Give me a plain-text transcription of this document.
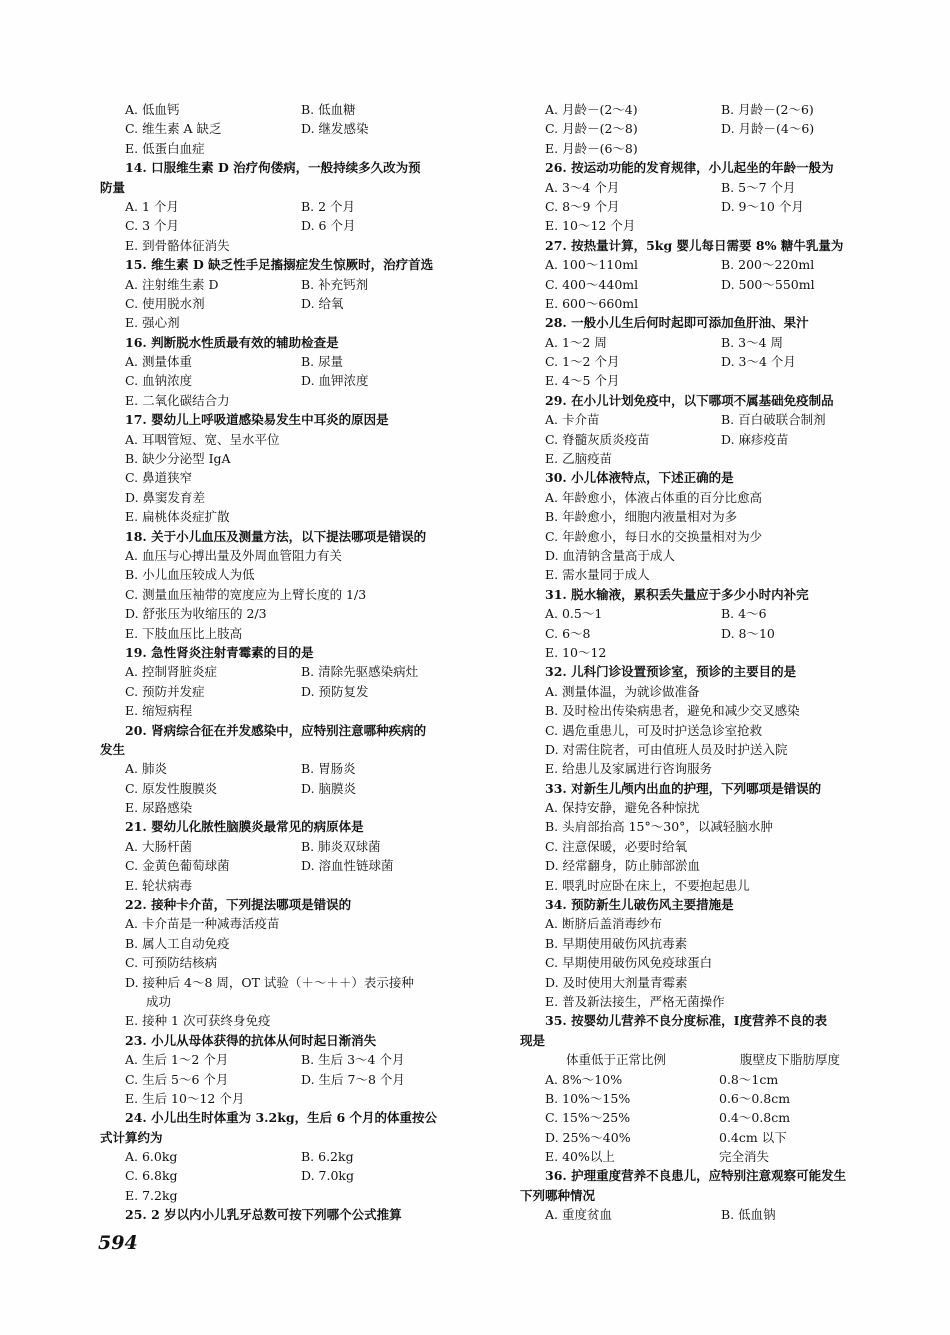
A. 低血钙	B. 低血糖
C. 维生素 A 缺乏	D. 继发感染
E. 低蛋白血症
14. 口服维生素 D 治疗佝偻病，一般持续多久改为预
防量
A. 1 个月	B. 2 个月
C. 3 个月	D. 6 个月
E. 到骨骼体征消失
15. 维生素 D 缺乏性手足搐搦症发生惊厥时，治疗首选
A. 注射维生素 D	B. 补充钙剂
C. 使用脱水剂	D. 给氧
E. 强心剂
16. 判断脱水性质最有效的辅助检查是
A. 测量体重	B. 尿量
C. 血钠浓度	D. 血钾浓度
E. 二氧化碳结合力
17. 婴幼儿上呼吸道感染易发生中耳炎的原因是
A. 耳咽管短、宽、呈水平位
B. 缺少分泌型 IgA
C. 鼻道狭窄
D. 鼻窦发育差
E. 扁桃体炎症扩散
18. 关于小儿血压及测量方法，以下提法哪项是错误的
A. 血压与心搏出量及外周血管阻力有关
B. 小儿血压较成人为低
C. 测量血压袖带的宽度应为上臂长度的 1/3
D. 舒张压为收缩压的 2/3
E. 下肢血压比上肢高
19. 急性肾炎注射青霉素的目的是
A. 控制肾脏炎症	B. 清除先驱感染病灶
C. 预防并发症	D. 预防复发
E. 缩短病程
20. 肾病综合征在并发感染中，应特别注意哪种疾病的
发生
A. 肺炎	B. 胃肠炎
C. 原发性腹膜炎	D. 脑膜炎
E. 尿路感染
21. 婴幼儿化脓性脑膜炎最常见的病原体是
A. 大肠杆菌	B. 肺炎双球菌
C. 金黄色葡萄球菌	D. 溶血性链球菌
E. 轮状病毒
22. 接种卡介苗，下列提法哪项是错误的
A. 卡介苗是一种减毒活疫苗
B. 属人工自动免疫
C. 可预防结核病
D. 接种后 4～8 周，OT 试验（＋～＋＋）表示接种
成功
E. 接种 1 次可获终身免疫
23. 小儿从母体获得的抗体从何时起日渐消失
A. 生后 1～2 个月	B. 生后 3～4 个月
C. 生后 5～6 个月	D. 生后 7～8 个月
E. 生后 10～12 个月
24. 小儿出生时体重为 3.2kg，生后 6 个月的体重按公
式计算约为
A. 6.0kg	B. 6.2kg
C. 6.8kg	D. 7.0kg
E. 7.2kg
25. 2 岁以内小儿乳牙总数可按下列哪个公式推算
A. 月龄－(2～4)	B. 月龄－(2～6)
C. 月龄－(2～8)	D. 月龄－(4～6)
E. 月龄－(6～8)
26. 按运动功能的发育规律，小儿起坐的年龄一般为
A. 3～4 个月	B. 5～7 个月
C. 8～9 个月	D. 9～10 个月
E. 10～12 个月
27. 按热量计算，5kg 婴儿每日需要 8% 糖牛乳量为
A. 100～110ml	B. 200～220ml
C. 400～440ml	D. 500～550ml
E. 600～660ml
28. 一般小儿生后何时起即可添加鱼肝油、果汁
A. 1～2 周	B. 3～4 周
C. 1～2 个月	D. 3～4 个月
E. 4～5 个月
29. 在小儿计划免疫中，以下哪项不属基础免疫制品
A. 卡介苗	B. 百白破联合制剂
C. 脊髓灰质炎疫苗	D. 麻疹疫苗
E. 乙脑疫苗
30. 小儿体液特点，下述正确的是
A. 年龄愈小，体液占体重的百分比愈高
B. 年龄愈小，细胞内液量相对为多
C. 年龄愈小，每日水的交换量相对为少
D. 血清钠含量高于成人
E. 需水量同于成人
31. 脱水输液，累积丢失量应于多少小时内补完
A. 0.5～1	B. 4～6
C. 6～8	D. 8～10
E. 10～12
32. 儿科门诊设置预诊室，预诊的主要目的是
A. 测量体温，为就诊做准备
B. 及时检出传染病患者，避免和减少交叉感染
C. 遇危重患儿，可及时护送急诊室抢救
D. 对需住院者，可由值班人员及时护送入院
E. 给患儿及家属进行咨询服务
33. 对新生儿颅内出血的护理，下列哪项是错误的
A. 保持安静，避免各种惊扰
B. 头肩部抬高 15°～30°，以减轻脑水肿
C. 注意保暖，必要时给氧
D. 经常翻身，防止肺部淤血
E. 喂乳时应卧在床上，不要抱起患儿
34. 预防新生儿破伤风主要措施是
A. 断脐后盖消毒纱布
B. 早期使用破伤风抗毒素
C. 早期使用破伤风免疫球蛋白
D. 及时使用大剂量青霉素
E. 普及新法接生，严格无菌操作
35. 按婴幼儿营养不良分度标准，Ⅰ度营养不良的表
现是
体重低于正常比例	腹壁皮下脂肪厚度
A. 8%～10%	0.8～1cm
B. 10%～15%	0.6～0.8cm
C. 15%～25%	0.4～0.8cm
D. 25%～40%	0.4cm 以下
E. 40%以上	完全消失
36. 护理重度营养不良患儿，应特别注意观察可能发生
下列哪种情况
A. 重度贫血	B. 低血钠
594
